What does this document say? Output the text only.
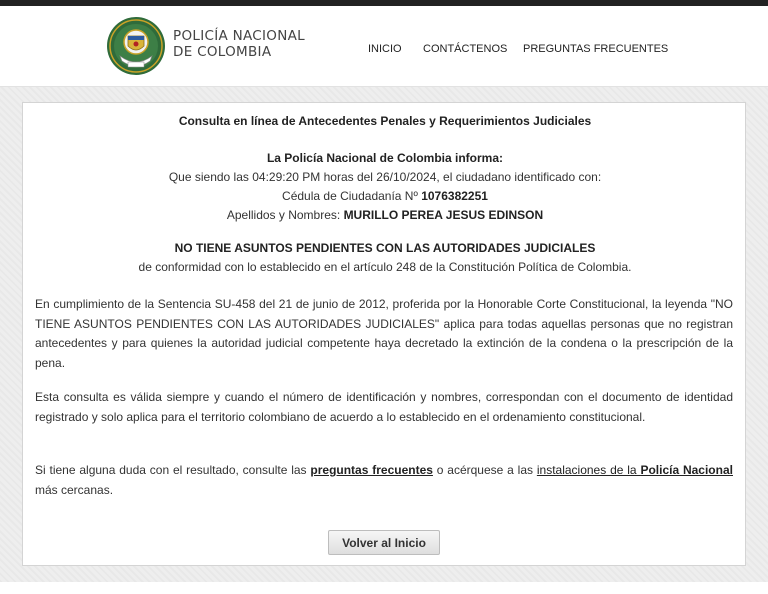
POLICÍA NACIONAL
DE COLOMBIA	INICIO CONTÁCTENOS PREGUNTAS FRECUENTES
Consulta en línea de Antecedentes Penales y Requerimientos Judiciales
La Policía Nacional de Colombia informa:
Que siendo las 04:29:20 PM horas del 26/10/2024, el ciudadano identificado con:
Cédula de Ciudadanía Nº 1076382251
Apellidos y Nombres: MURILLO PEREA JESUS EDINSON
NO TIENE ASUNTOS PENDIENTES CON LAS AUTORIDADES JUDICIALES
de conformidad con lo establecido en el artículo 248 de la Constitución Política de Colombia.
En cumplimiento de la Sentencia SU-458 del 21 de junio de 2012, proferida por la Honorable Corte Constitucional, la leyenda "NO TIENE ASUNTOS PENDIENTES CON LAS AUTORIDADES JUDICIALES" aplica para todas aquellas personas que no registran antecedentes y para quienes la autoridad judicial competente haya decretado la extinción de la condena o la prescripción de la pena.
Esta consulta es válida siempre y cuando el número de identificación y nombres, correspondan con el documento de identidad registrado y solo aplica para el territorio colombiano de acuerdo a lo establecido en el ordenamiento constitucional.
Si tiene alguna duda con el resultado, consulte las preguntas frecuentes o acérquese a las instalaciones de la Policía Nacional más cercanas.
Volver al Inicio
